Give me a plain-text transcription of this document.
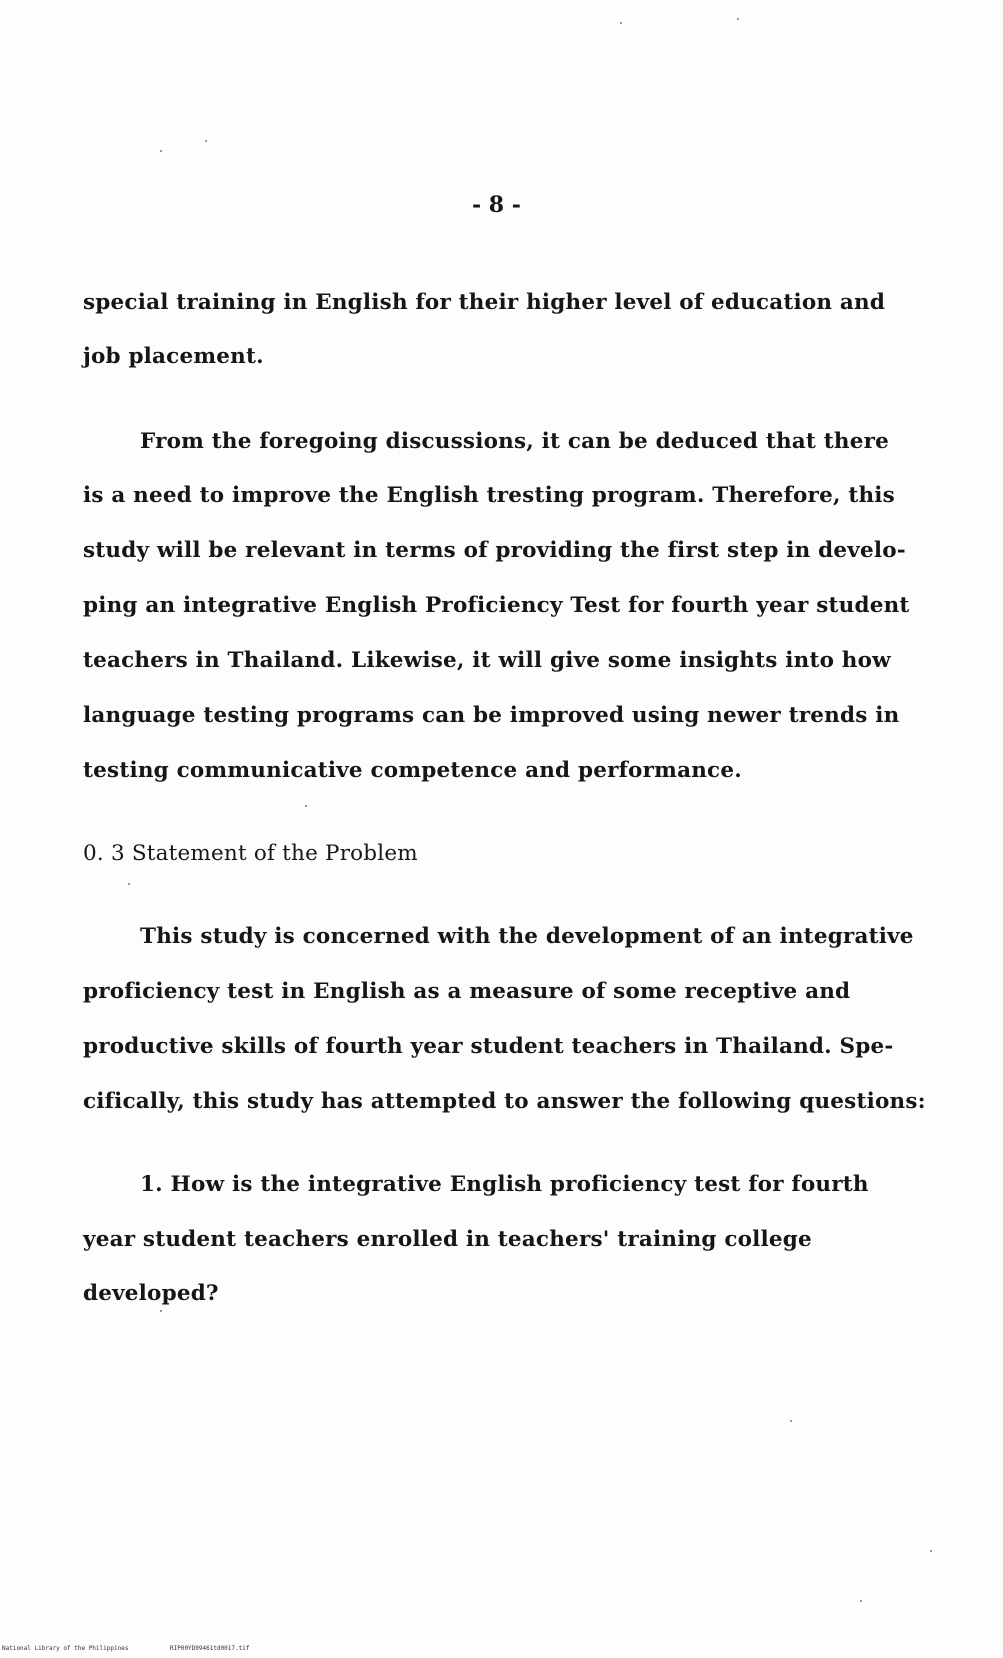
- 8 -
special training in English for their higher level of education and
job placement.
From the foregoing discussions, it can be deduced that there
is a need to improve the English tresting program. Therefore, this
study will be relevant in terms of providing the first step in develo-
ping an integrative English Proficiency Test for fourth year student
teachers in Thailand. Likewise, it will give some insights into how
language testing programs can be improved using newer trends in
testing communicative competence and performance.
0. 3 Statement of the Problem
This study is concerned with the development of an integrative
proficiency test in English as a measure of some receptive and
productive skills of fourth year student teachers in Thailand. Spe-
cifically, this study has attempted to answer the following questions:
1. How is the integrative English proficiency test for fourth
year student teachers enrolled in teachers' training college
developed?
National Library of the Philippines	RIP00YD09461td0017.tif
